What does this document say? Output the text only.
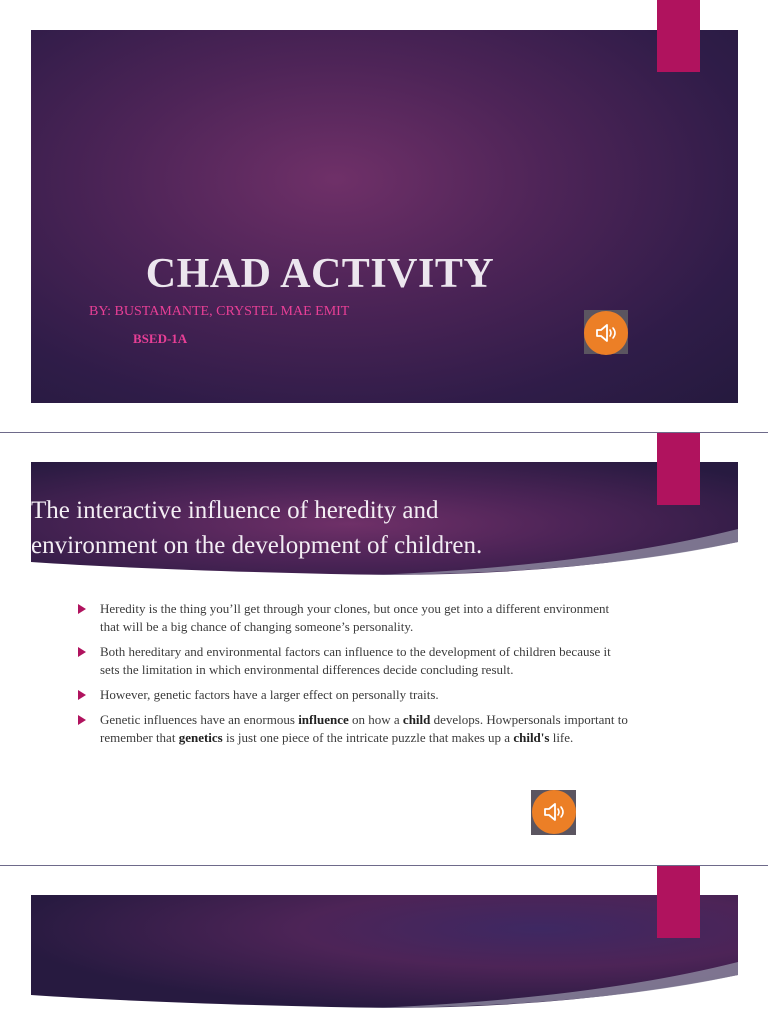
CHAD ACTIVITY
BY: BUSTAMANTE, CRYSTEL MAE EMIT
BSED-1A
The interactive influence of heredity and
environment on the development of children.
Heredity is the thing you’ll get through your clones, but once you get into a different environment that will be a big chance of changing someone’s personality.
Both hereditary and environmental factors can influence to the development of children because it sets the limitation in which environmental differences decide concluding result.
However, genetic factors have a larger effect on personally traits.
Genetic influences have an enormous influence on how a child develops. Howpersonals important to remember that genetics is just one piece of the intricate puzzle that makes up a child's life.
